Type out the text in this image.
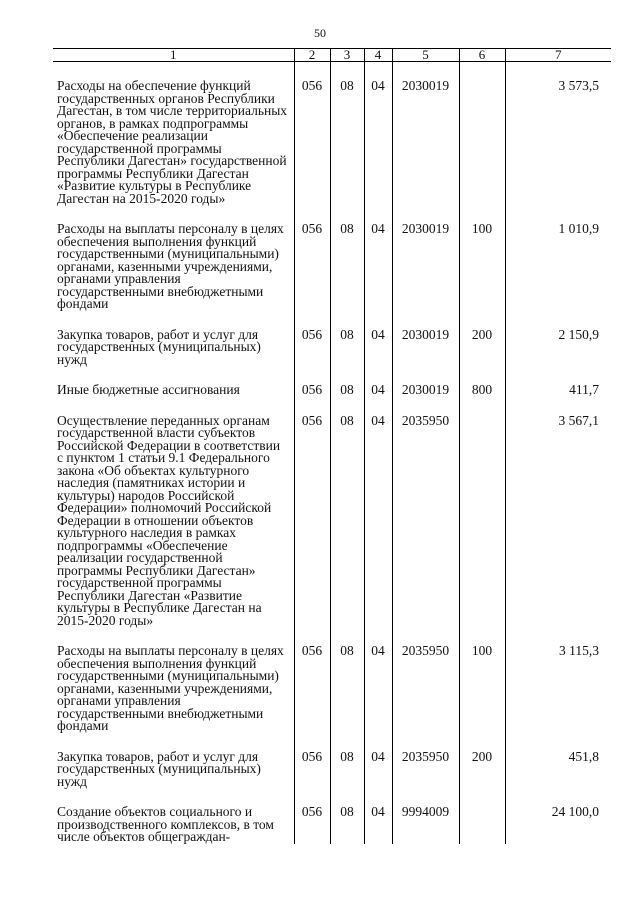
50
1	2	3	4	5	6	7

Расходы на обеспечение функций государственных органов Республики Дагестан, в том числе территориальных органов, в рамках подпрограммы «Обеспечение реализации государственной программы Республики Дагестан» государственной программы Республики Дагестан «Развитие культуры в Республике Дагестан на 2015-2020 годы»	056	08	04	2030019		3 573,5

Расходы на выплаты персоналу в целях обеспечения выполнения функций государственными (муниципальными) органами, казенными учреждениями, органами управления государственными внебюджетными фондами	056	08	04	2030019	100	1 010,9

Закупка товаров, работ и услуг для государственных (муниципальных) нужд	056	08	04	2030019	200	2 150,9

Иные бюджетные ассигнования	056	08	04	2030019	800	411,7

Осуществление переданных органам государственной власти субъектов Российской Федерации в соответствии с пунктом 1 статьи 9.1 Федерального закона «Об объектах культурного наследия (памятниках истории и культуры) народов Российской Федерации» полномочий Российской Федерации в отношении объектов культурного наследия в рамках подпрограммы «Обеспечение реализации государственной программы Республики Дагестан» государственной программы Республики Дагестан «Развитие культуры в Республике Дагестан на 2015-2020 годы»	056	08	04	2035950		3 567,1

Расходы на выплаты персоналу в целях обеспечения выполнения функций государственными (муниципальными) органами, казенными учреждениями, органами управления государственными внебюджетными фондами	056	08	04	2035950	100	3 115,3

Закупка товаров, работ и услуг для государственных (муниципальных) нужд	056	08	04	2035950	200	451,8

Создание объектов социального и производственного комплексов, в том числе объектов общеграждан-	056	08	04	9994009		24 100,0
